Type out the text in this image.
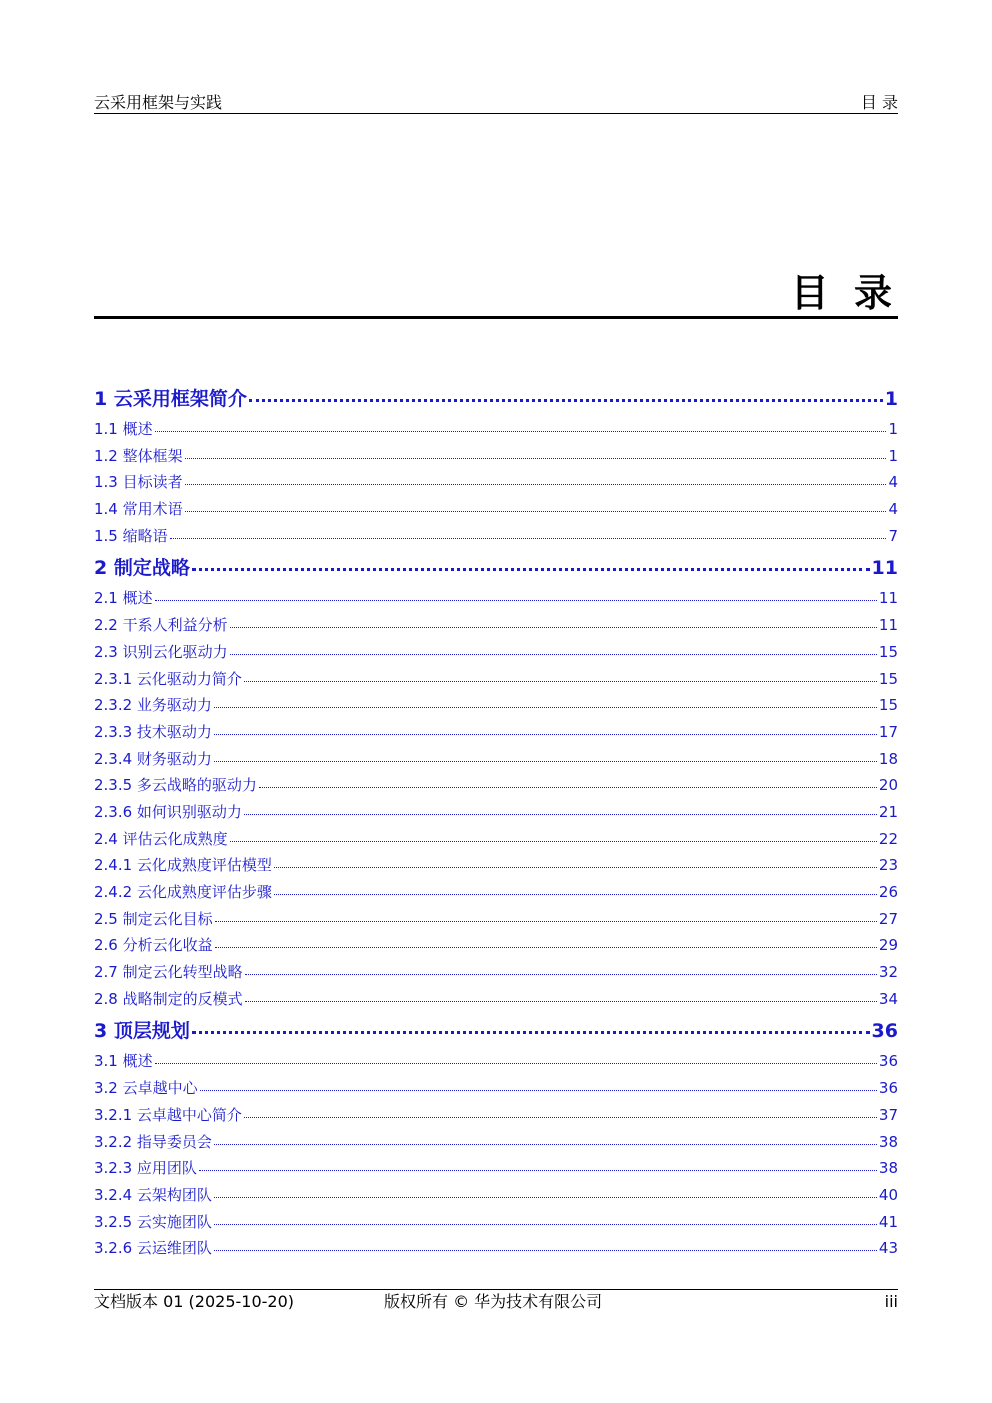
云采用框架与实践	目 录
目 录
1 云采用框架简介	1
1.1 概述	1
1.2 整体框架	1
1.3 目标读者	4
1.4 常用术语	4
1.5 缩略语	7
2 制定战略	11
2.1 概述	11
2.2 干系人利益分析	11
2.3 识别云化驱动力	15
2.3.1 云化驱动力简介	15
2.3.2 业务驱动力	15
2.3.3 技术驱动力	17
2.3.4 财务驱动力	18
2.3.5 多云战略的驱动力	20
2.3.6 如何识别驱动力	21
2.4 评估云化成熟度	22
2.4.1 云化成熟度评估模型	23
2.4.2 云化成熟度评估步骤	26
2.5 制定云化目标	27
2.6 分析云化收益	29
2.7 制定云化转型战略	32
2.8 战略制定的反模式	34
3 顶层规划	36
3.1 概述	36
3.2 云卓越中心	36
3.2.1 云卓越中心简介	37
3.2.2 指导委员会	38
3.2.3 应用团队	38
3.2.4 云架构团队	40
3.2.5 云实施团队	41
3.2.6 云运维团队	43
文档版本 01 (2025-10-20)	版权所有 © 华为技术有限公司	iii
